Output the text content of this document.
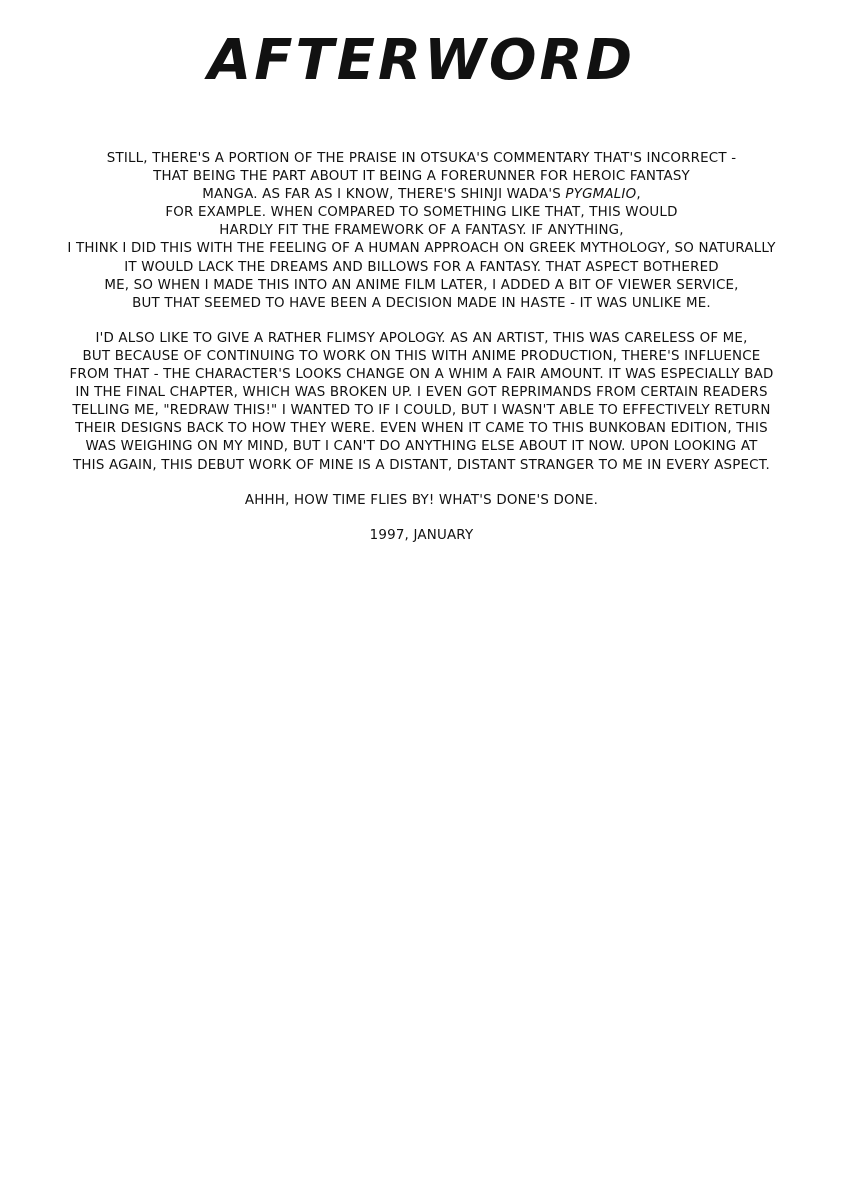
AFTERWORD

STILL, THERE'S A PORTION OF THE PRAISE IN OTSUKA'S COMMENTARY THAT'S INCORRECT -
THAT BEING THE PART ABOUT IT BEING A FORERUNNER FOR HEROIC FANTASY
MANGA. AS FAR AS I KNOW, THERE'S SHINJI WADA'S PYGMALIO,
FOR EXAMPLE. WHEN COMPARED TO SOMETHING LIKE THAT, THIS WOULD
HARDLY FIT THE FRAMEWORK OF A FANTASY. IF ANYTHING,
I THINK I DID THIS WITH THE FEELING OF A HUMAN APPROACH ON GREEK MYTHOLOGY, SO NATURALLY
IT WOULD LACK THE DREAMS AND BILLOWS FOR A FANTASY. THAT ASPECT BOTHERED
ME, SO WHEN I MADE THIS INTO AN ANIME FILM LATER, I ADDED A BIT OF VIEWER SERVICE,
BUT THAT SEEMED TO HAVE BEEN A DECISION MADE IN HASTE - IT WAS UNLIKE ME.

I'D ALSO LIKE TO GIVE A RATHER FLIMSY APOLOGY. AS AN ARTIST, THIS WAS CARELESS OF ME,
BUT BECAUSE OF CONTINUING TO WORK ON THIS WITH ANIME PRODUCTION, THERE'S INFLUENCE
FROM THAT - THE CHARACTER'S LOOKS CHANGE ON A WHIM A FAIR AMOUNT. IT WAS ESPECIALLY BAD
IN THE FINAL CHAPTER, WHICH WAS BROKEN UP. I EVEN GOT REPRIMANDS FROM CERTAIN READERS
TELLING ME, "REDRAW THIS!" I WANTED TO IF I COULD, BUT I WASN'T ABLE TO EFFECTIVELY RETURN
THEIR DESIGNS BACK TO HOW THEY WERE. EVEN WHEN IT CAME TO THIS BUNKOBAN EDITION, THIS
WAS WEIGHING ON MY MIND, BUT I CAN'T DO ANYTHING ELSE ABOUT IT NOW. UPON LOOKING AT
THIS AGAIN, THIS DEBUT WORK OF MINE IS A DISTANT, DISTANT STRANGER TO ME IN EVERY ASPECT.

AHHH, HOW TIME FLIES BY! WHAT'S DONE'S DONE.

1997, JANUARY
